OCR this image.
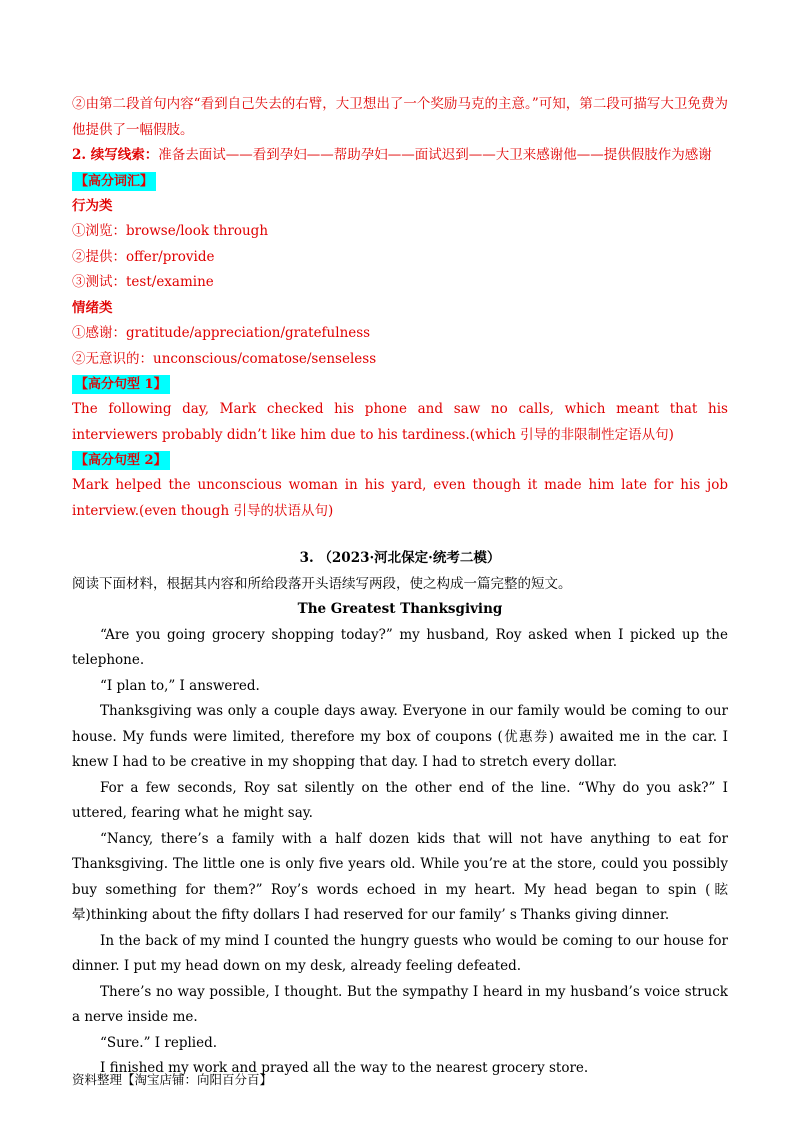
②由第二段首句内容“看到自己失去的右臂，大卫想出了一个奖励马克的主意。”可知，第二段可描写大卫免费为他提供了一幅假肢。
2. 续写线索：准备去面试——看到孕妇——帮助孕妇——面试迟到——大卫来感谢他——提供假肢作为感谢
【高分词汇】
行为类
①浏览：browse/look through
②提供：offer/provide
③测试：test/examine
情绪类
①感谢：gratitude/appreciation/gratefulness
②无意识的：unconscious/comatose/senseless
【高分句型 1】
The following day, Mark checked his phone and saw no calls, which meant that his interviewers probably didn’t like him due to his tardiness.(which 引导的非限制性定语从句)
【高分句型 2】
Mark helped the unconscious woman in his yard, even though it made him late for his job interview.(even though 引导的状语从句)
3. （2023·河北保定·统考二模）
阅读下面材料，根据其内容和所给段落开头语续写两段，使之构成一篇完整的短文。
The Greatest Thanksgiving
“Are you going grocery shopping today?” my husband, Roy asked when I picked up the telephone.
“I plan to,” I answered.
Thanksgiving was only a couple days away. Everyone in our family would be coming to our house. My funds were limited, therefore my box of coupons (优惠券) awaited me in the car. I knew I had to be creative in my shopping that day. I had to stretch every dollar.
For a few seconds, Roy sat silently on the other end of the line. “Why do you ask?” I uttered, fearing what he might say.
“Nancy, there’s a family with a half dozen kids that will not have anything to eat for Thanksgiving. The little one is only five years old. While you’re at the store, could you possibly buy something for them?” Roy’s words echoed in my heart. My head began to spin (眩晕)thinking about the fifty dollars I had reserved for our family’ s Thanks giving dinner.
In the back of my mind I counted the hungry guests who would be coming to our house for dinner. I put my head down on my desk, already feeling defeated.
There’s no way possible, I thought. But the sympathy I heard in my husband’s voice struck a nerve inside me.
“Sure.” I replied.
I finished my work and prayed all the way to the nearest grocery store.
资料整理【淘宝店铺：向阳百分百】
